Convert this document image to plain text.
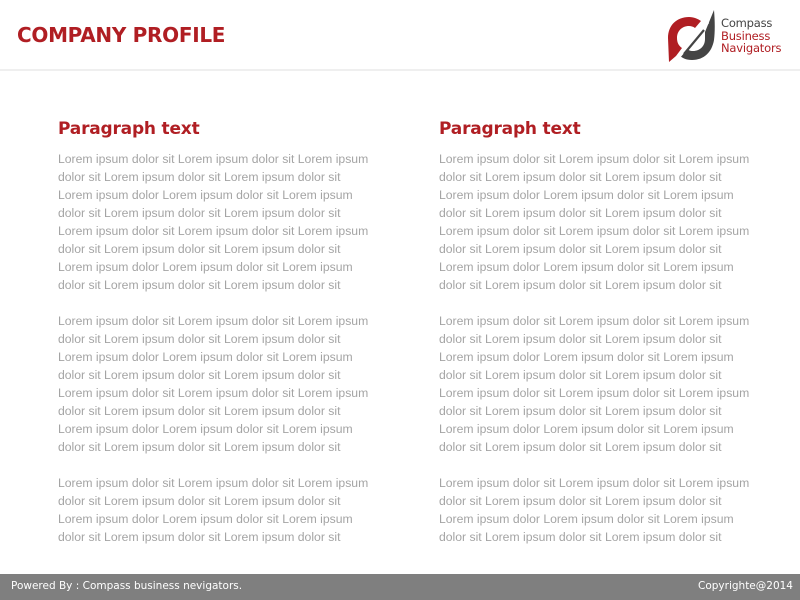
COMPANY PROFILE	Compass
Business
Navigators
Paragraph text
Lorem ipsum dolor sit Lorem ipsum dolor sit Lorem ipsum
dolor sit Lorem ipsum dolor sit Lorem ipsum dolor sit
Lorem ipsum dolor Lorem ipsum dolor sit Lorem ipsum
dolor sit Lorem ipsum dolor sit Lorem ipsum dolor sit
Lorem ipsum dolor sit Lorem ipsum dolor sit Lorem ipsum
dolor sit Lorem ipsum dolor sit Lorem ipsum dolor sit
Lorem ipsum dolor Lorem ipsum dolor sit Lorem ipsum
dolor sit Lorem ipsum dolor sit Lorem ipsum dolor sit
Lorem ipsum dolor sit Lorem ipsum dolor sit Lorem ipsum
dolor sit Lorem ipsum dolor sit Lorem ipsum dolor sit
Lorem ipsum dolor Lorem ipsum dolor sit Lorem ipsum
dolor sit Lorem ipsum dolor sit Lorem ipsum dolor sit
Lorem ipsum dolor sit Lorem ipsum dolor sit Lorem ipsum
dolor sit Lorem ipsum dolor sit Lorem ipsum dolor sit
Lorem ipsum dolor Lorem ipsum dolor sit Lorem ipsum
dolor sit Lorem ipsum dolor sit Lorem ipsum dolor sit
Lorem ipsum dolor sit Lorem ipsum dolor sit Lorem ipsum
dolor sit Lorem ipsum dolor sit Lorem ipsum dolor sit
Lorem ipsum dolor Lorem ipsum dolor sit Lorem ipsum
dolor sit Lorem ipsum dolor sit Lorem ipsum dolor sit
Paragraph text
Lorem ipsum dolor sit Lorem ipsum dolor sit Lorem ipsum
dolor sit Lorem ipsum dolor sit Lorem ipsum dolor sit
Lorem ipsum dolor Lorem ipsum dolor sit Lorem ipsum
dolor sit Lorem ipsum dolor sit Lorem ipsum dolor sit
Lorem ipsum dolor sit Lorem ipsum dolor sit Lorem ipsum
dolor sit Lorem ipsum dolor sit Lorem ipsum dolor sit
Lorem ipsum dolor Lorem ipsum dolor sit Lorem ipsum
dolor sit Lorem ipsum dolor sit Lorem ipsum dolor sit
Lorem ipsum dolor sit Lorem ipsum dolor sit Lorem ipsum
dolor sit Lorem ipsum dolor sit Lorem ipsum dolor sit
Lorem ipsum dolor Lorem ipsum dolor sit Lorem ipsum
dolor sit Lorem ipsum dolor sit Lorem ipsum dolor sit
Lorem ipsum dolor sit Lorem ipsum dolor sit Lorem ipsum
dolor sit Lorem ipsum dolor sit Lorem ipsum dolor sit
Lorem ipsum dolor Lorem ipsum dolor sit Lorem ipsum
dolor sit Lorem ipsum dolor sit Lorem ipsum dolor sit
Lorem ipsum dolor sit Lorem ipsum dolor sit Lorem ipsum
dolor sit Lorem ipsum dolor sit Lorem ipsum dolor sit
Lorem ipsum dolor Lorem ipsum dolor sit Lorem ipsum
dolor sit Lorem ipsum dolor sit Lorem ipsum dolor sit
Powered By : Compass business nevigators.	Copyrighte@2014
